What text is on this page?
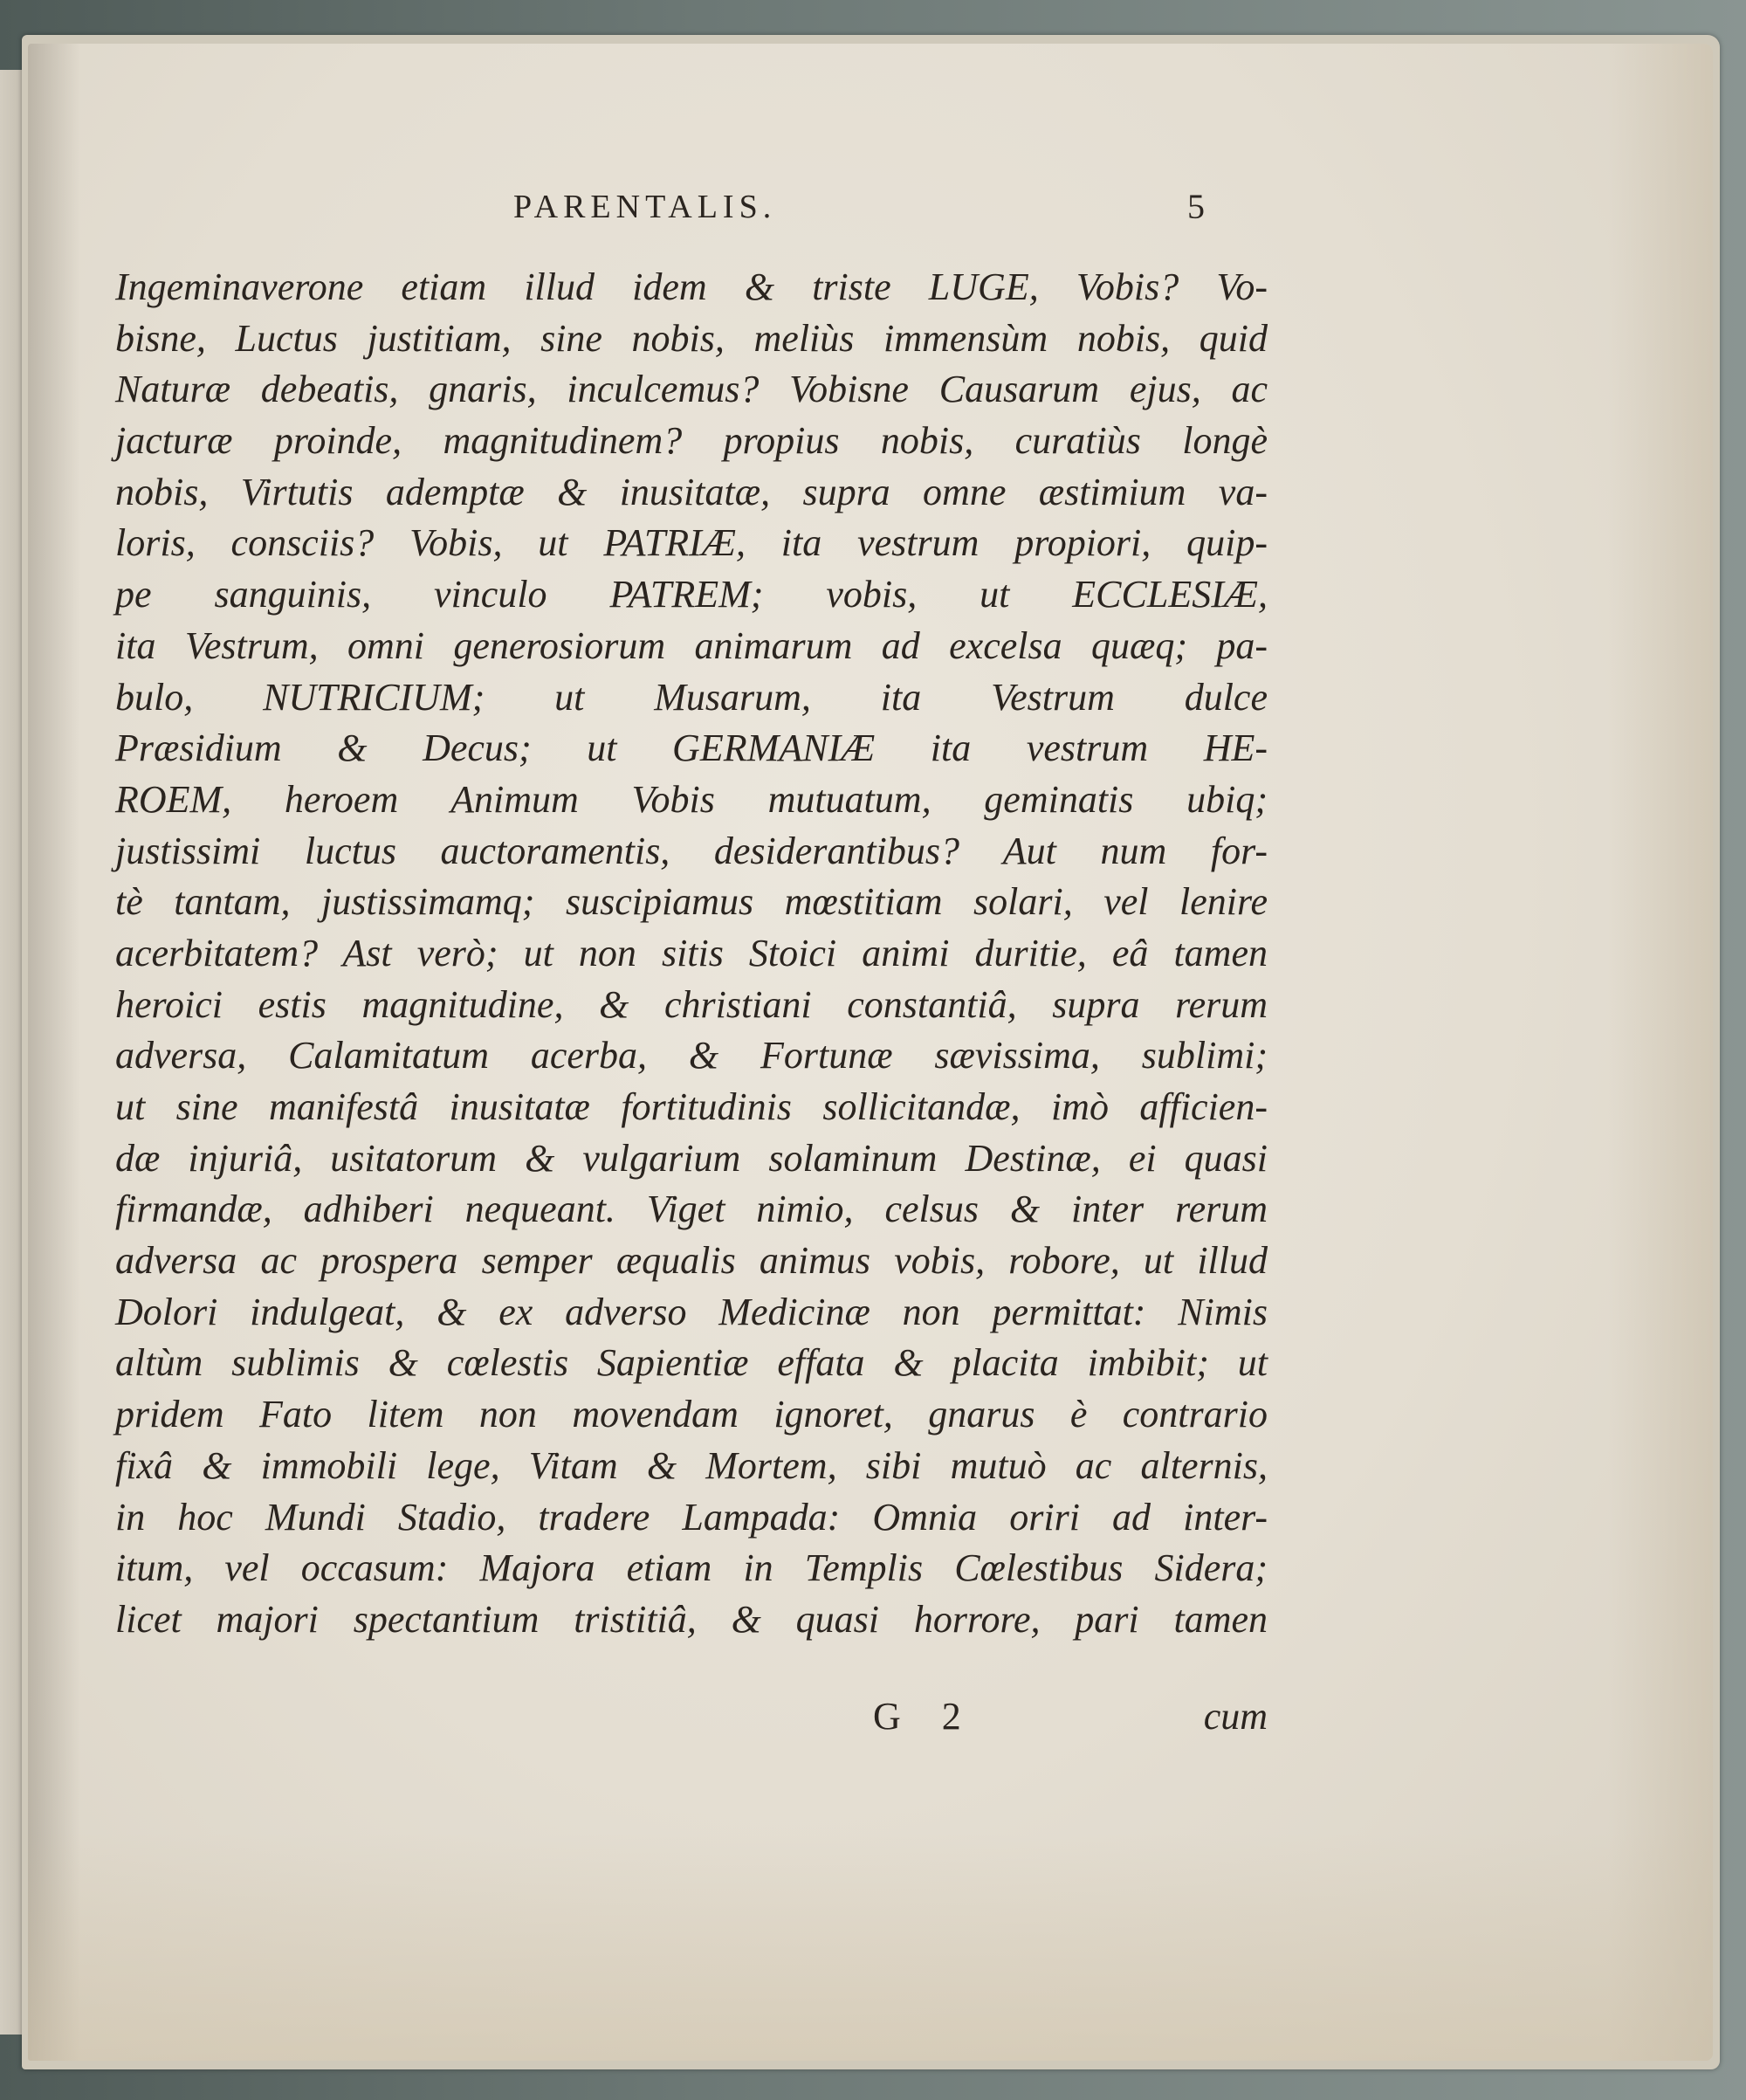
PARENTALIS.	5
Ingeminaverone etiam illud idem & triste LUGE, Vobis? Vo-
bisne, Luctus justitiam, sine nobis, meliùs immensùm nobis, quid
Naturæ debeatis, gnaris, inculcemus? Vobisne Causarum ejus, ac
jacturæ proinde, magnitudinem? propius nobis, curatiùs longè
nobis, Virtutis ademptæ & inusitatæ, supra omne æstimium va-
loris, consciis? Vobis, ut PATRIÆ, ita vestrum propiori, quip-
pe sanguinis, vinculo PATREM; vobis, ut ECCLESIÆ,
ita Vestrum, omni generosiorum animarum ad excelsa quæq; pa-
bulo, NUTRICIUM; ut Musarum, ita Vestrum dulce
Præsidium & Decus; ut GERMANIÆ ita vestrum HE-
ROEM, heroem Animum Vobis mutuatum, geminatis ubiq;
justissimi luctus auctoramentis, desiderantibus? Aut num for-
tè tantam, justissimamq; suscipiamus mœstitiam solari, vel lenire
acerbitatem? Ast verò; ut non sitis Stoici animi duritie, eâ tamen
heroici estis magnitudine, & christiani constantiâ, supra rerum
adversa, Calamitatum acerba, & Fortunæ sævissima, sublimi;
ut sine manifestâ inusitatæ fortitudinis sollicitandæ, imò afficien-
dæ injuriâ, usitatorum & vulgarium solaminum Destinæ, ei quasi
firmandæ, adhiberi nequeant. Viget nimio, celsus & inter rerum
adversa ac prospera semper æqualis animus vobis, robore, ut illud
Dolori indulgeat, & ex adverso Medicinæ non permittat: Nimis
altùm sublimis & cœlestis Sapientiæ effata & placita imbibit; ut
pridem Fato litem non movendam ignoret, gnarus è contrario
fixâ & immobili lege, Vitam & Mortem, sibi mutuò ac alternis,
in hoc Mundi Stadio, tradere Lampada: Omnia oriri ad inter-
itum, vel occasum: Majora etiam in Templis Cœlestibus Sidera;
licet majori spectantium tristitiâ, & quasi horrore, pari tamen
G 2	cum
